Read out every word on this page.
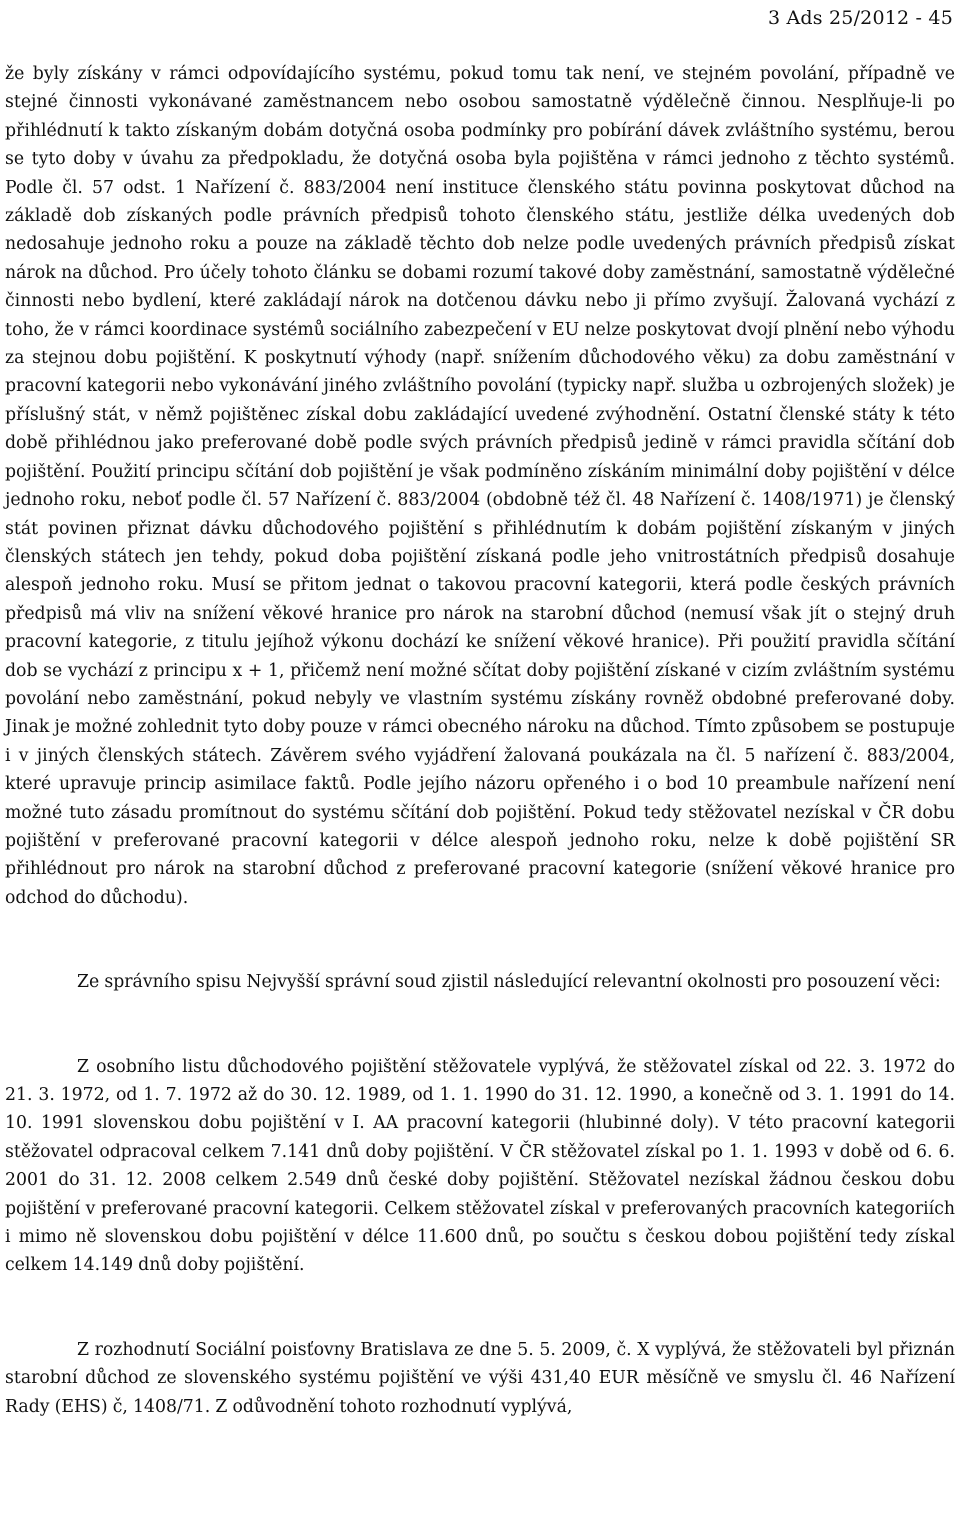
3 Ads 25/2012 - 45

že byly získány v rámci odpovídajícího systému, pokud tomu tak není, ve stejném povolání, případně ve stejné činnosti vykonávané zaměstnancem nebo osobou samostatně výdělečně činnou. Nesplňuje-li po přihlédnutí k takto získaným dobám dotyčná osoba podmínky pro pobírání dávek zvláštního systému, berou se tyto doby v úvahu za předpokladu, že dotyčná osoba byla pojištěna v rámci jednoho z těchto systémů. Podle čl. 57 odst. 1 Nařízení č. 883/2004 není instituce členského státu povinna poskytovat důchod na základě dob získaných podle právních předpisů tohoto členského státu, jestliže délka uvedených dob nedosahuje jednoho roku a pouze na základě těchto dob nelze podle uvedených právních předpisů získat nárok na důchod. Pro účely tohoto článku se dobami rozumí takové doby zaměstnání, samostatně výdělečné činnosti nebo bydlení, které zakládají nárok na dotčenou dávku nebo ji přímo zvyšují. Žalovaná vychází z toho, že v rámci koordinace systémů sociálního zabezpečení v EU nelze poskytovat dvojí plnění nebo výhodu za stejnou dobu pojištění. K poskytnutí výhody (např. snížením důchodového věku) za dobu zaměstnání v pracovní kategorii nebo vykonávání jiného zvláštního povolání (typicky např. služba u ozbrojených složek) je příslušný stát, v němž pojištěnec získal dobu zakládající uvedené zvýhodnění. Ostatní členské státy k této době přihlédnou jako preferované době podle svých právních předpisů jedině v rámci pravidla sčítání dob pojištění. Použití principu sčítání dob pojištění je však podmíněno získáním minimální doby pojištění v délce jednoho roku, neboť podle čl. 57 Nařízení č. 883/2004 (obdobně též čl. 48 Nařízení č. 1408/1971) je členský stát povinen přiznat dávku důchodového pojištění s přihlédnutím k dobám pojištění získaným v jiných členských státech jen tehdy, pokud doba pojištění získaná podle jeho vnitrostátních předpisů dosahuje alespoň jednoho roku. Musí se přitom jednat o takovou pracovní kategorii, která podle českých právních předpisů má vliv na snížení věkové hranice pro nárok na starobní důchod (nemusí však jít o stejný druh pracovní kategorie, z titulu jejíhož výkonu dochází ke snížení věkové hranice). Při použití pravidla sčítání dob se vychází z principu x + 1, přičemž není možné sčítat doby pojištění získané v cizím zvláštním systému povolání nebo zaměstnání, pokud nebyly ve vlastním systému získány rovněž obdobné preferované doby. Jinak je možné zohlednit tyto doby pouze v rámci obecného nároku na důchod. Tímto způsobem se postupuje i v jiných členských státech. Závěrem svého vyjádření žalovaná poukázala na čl. 5 nařízení č. 883/2004, které upravuje princip asimilace faktů. Podle jejího názoru opřeného i o bod 10 preambule nařízení není možné tuto zásadu promítnout do systému sčítání dob pojištění. Pokud tedy stěžovatel nezískal v ČR dobu pojištění v preferované pracovní kategorii v délce alespoň jednoho roku, nelze k době pojištění SR přihlédnout pro nárok na starobní důchod z preferované pracovní kategorie (snížení věkové hranice pro odchod do důchodu).

Ze správního spisu Nejvyšší správní soud zjistil následující relevantní okolnosti pro posouzení věci:

Z osobního listu důchodového pojištění stěžovatele vyplývá, že stěžovatel získal od 22. 3. 1972 do 21. 3. 1972, od 1. 7. 1972 až do 30. 12. 1989, od 1. 1. 1990 do 31. 12. 1990, a konečně od 3. 1. 1991 do 14. 10. 1991 slovenskou dobu pojištění v I. AA pracovní kategorii (hlubinné doly). V této pracovní kategorii stěžovatel odpracoval celkem 7.141 dnů doby pojištění. V ČR stěžovatel získal po 1. 1. 1993 v době od 6. 6. 2001 do 31. 12. 2008 celkem 2.549 dnů české doby pojištění. Stěžovatel nezískal žádnou českou dobu pojištění v preferované pracovní kategorii. Celkem stěžovatel získal v preferovaných pracovních kategoriích i mimo ně slovenskou dobu pojištění v délce 11.600 dnů, po součtu s českou dobou pojištění tedy získal celkem 14.149 dnů doby pojištění.

Z rozhodnutí Sociální poisťovny Bratislava ze dne 5. 5. 2009, č. X vyplývá, že stěžovateli byl přiznán starobní důchod ze slovenského systému pojištění ve výši 431,40 EUR měsíčně ve smyslu čl. 46 Nařízení Rady (EHS) č, 1408/71. Z odůvodnění tohoto rozhodnutí vyplývá,
